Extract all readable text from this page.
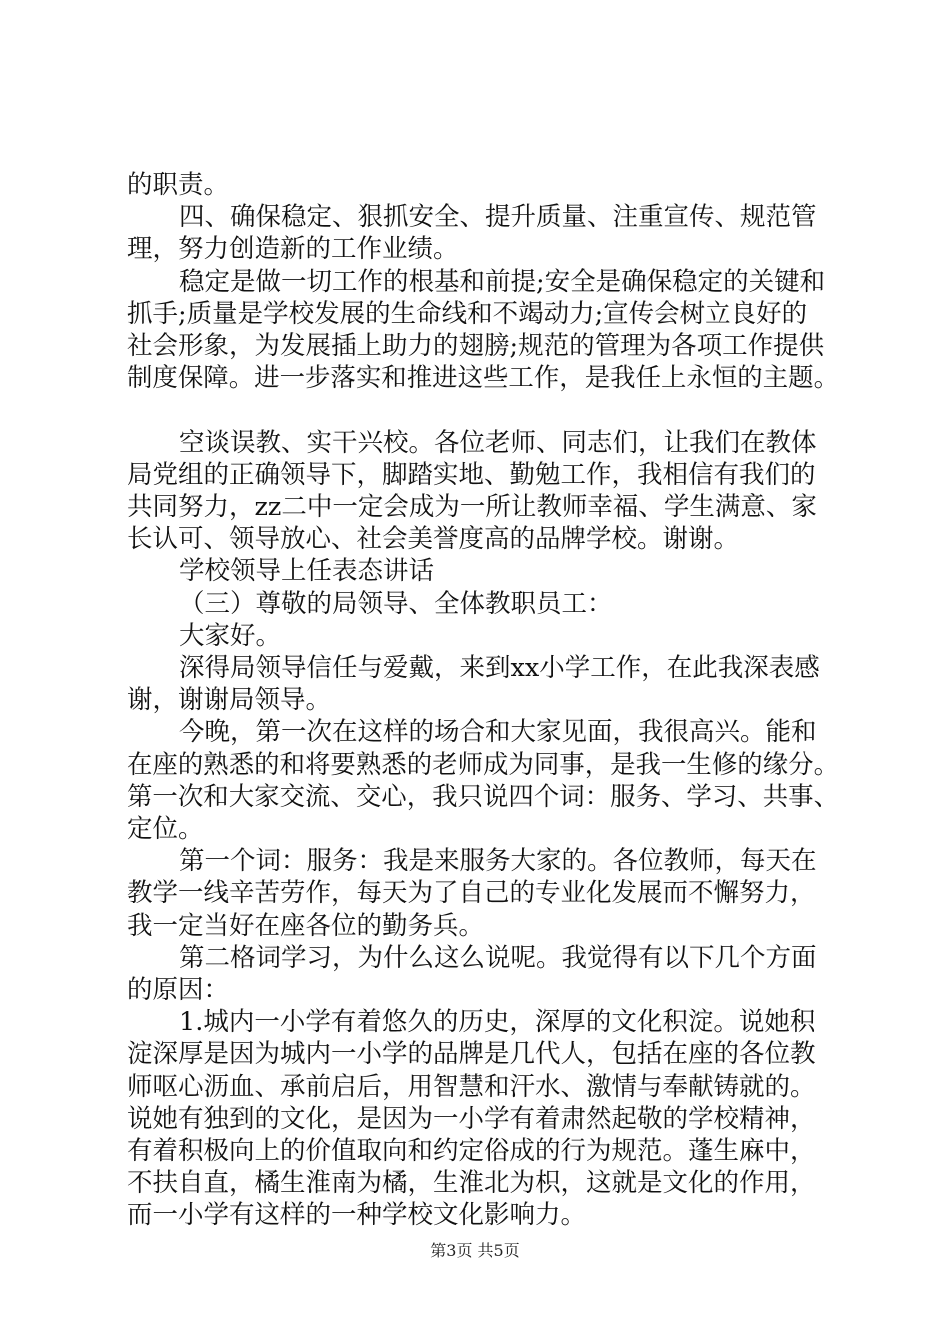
的职责。
四、确保稳定、狠抓安全、提升质量、注重宣传、规范管
理，努力创造新的工作业绩。
稳定是做一切工作的根基和前提;安全是确保稳定的关键和
抓手;质量是学校发展的生命线和不竭动力;宣传会树立良好的
社会形象，为发展插上助力的翅膀;规范的管理为各项工作提供
制度保障。进一步落实和推进这些工作，是我任上永恒的主题。
空谈误教、实干兴校。各位老师、同志们，让我们在教体
局党组的正确领导下，脚踏实地、勤勉工作，我相信有我们的
共同努力，zz二中一定会成为一所让教师幸福、学生满意、家
长认可、领导放心、社会美誉度高的品牌学校。谢谢。
学校领导上任表态讲话
（三）尊敬的局领导、全体教职员工：
大家好。
深得局领导信任与爱戴，来到xx小学工作，在此我深表感
谢，谢谢局领导。
今晚，第一次在这样的场合和大家见面，我很高兴。能和
在座的熟悉的和将要熟悉的老师成为同事，是我一生修的缘分。
第一次和大家交流、交心，我只说四个词：服务、学习、共事、
定位。
第一个词：服务：我是来服务大家的。各位教师，每天在
教学一线辛苦劳作，每天为了自己的专业化发展而不懈努力，
我一定当好在座各位的勤务兵。
第二格词学习，为什么这么说呢。我觉得有以下几个方面
的原因：
1.城内一小学有着悠久的历史，深厚的文化积淀。说她积
淀深厚是因为城内一小学的品牌是几代人，包括在座的各位教
师呕心沥血、承前启后，用智慧和汗水、激情与奉献铸就的。
说她有独到的文化，是因为一小学有着肃然起敬的学校精神，
有着积极向上的价值取向和约定俗成的行为规范。蓬生麻中，
不扶自直，橘生淮南为橘，生淮北为枳，这就是文化的作用，
而一小学有这样的一种学校文化影响力。
第3页 共5页
